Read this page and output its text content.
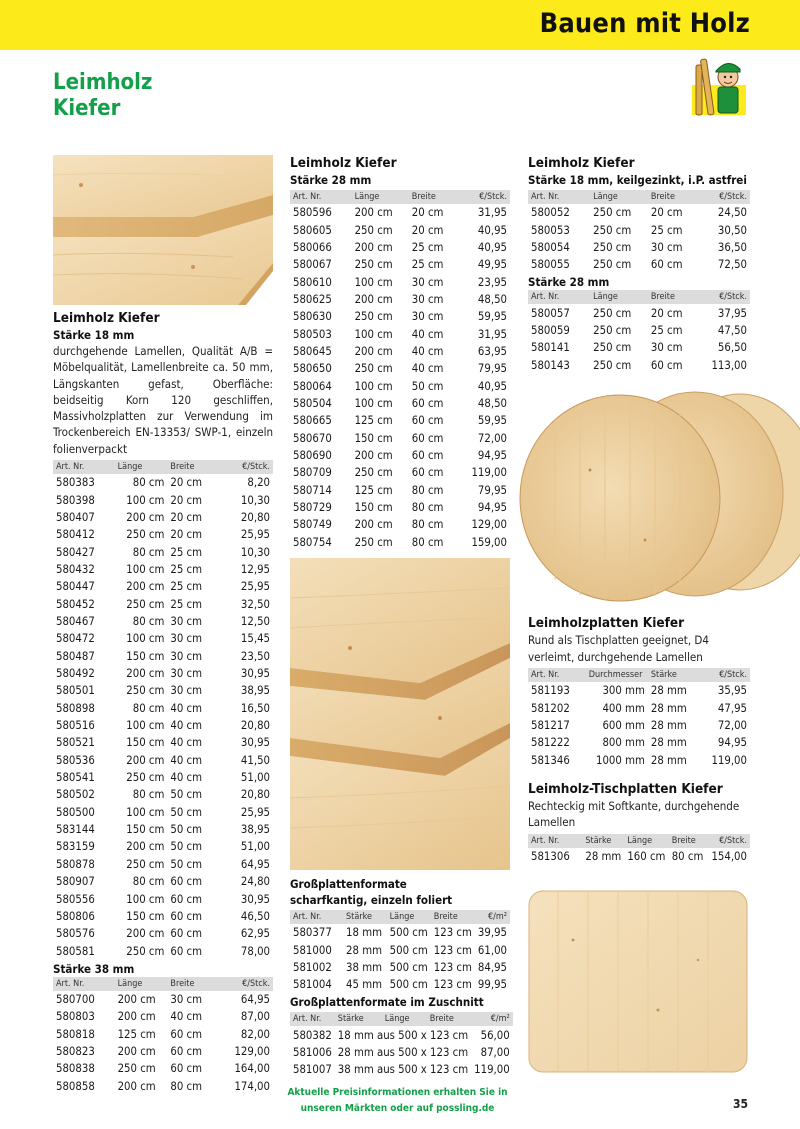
Bauen mit Holz
Leimholz
Kiefer
Leimholz Kiefer
Stärke 18 mm
durchgehende Lamellen, Qualität A/B = Möbelqualität, Lamellenbreite ca. 50 mm, Längskanten gefast, Oberfläche: beidseitig Korn 120 geschliffen, Massivholzplatten zur Verwendung im Trockenbereich EN-13353/ SWP-1, einzeln folienverpackt
Art. Nr.	Länge	Breite	€/Stck.
580383	80 cm	20 cm	8,20
580398	100 cm	20 cm	10,30
580407	200 cm	20 cm	20,80
580412	250 cm	20 cm	25,95
580427	80 cm	25 cm	10,30
580432	100 cm	25 cm	12,95
580447	200 cm	25 cm	25,95
580452	250 cm	25 cm	32,50
580467	80 cm	30 cm	12,50
580472	100 cm	30 cm	15,45
580487	150 cm	30 cm	23,50
580492	200 cm	30 cm	30,95
580501	250 cm	30 cm	38,95
580898	80 cm	40 cm	16,50
580516	100 cm	40 cm	20,80
580521	150 cm	40 cm	30,95
580536	200 cm	40 cm	41,50
580541	250 cm	40 cm	51,00
580502	80 cm	50 cm	20,80
580500	100 cm	50 cm	25,95
583144	150 cm	50 cm	38,95
583159	200 cm	50 cm	51,00
580878	250 cm	50 cm	64,95
580907	80 cm	60 cm	24,80
580556	100 cm	60 cm	30,95
580806	150 cm	60 cm	46,50
580576	200 cm	60 cm	62,95
580581	250 cm	60 cm	78,00
Stärke 38 mm
Art. Nr.	Länge	Breite	€/Stck.
580700	200 cm	30 cm	64,95
580803	200 cm	40 cm	87,00
580818	125 cm	60 cm	82,00
580823	200 cm	60 cm	129,00
580838	250 cm	60 cm	164,00
580858	200 cm	80 cm	174,00
Leimholz Kiefer
Stärke 28 mm
Art. Nr.	Länge	Breite	€/Stck.
580596	200 cm	20 cm	31,95
580605	250 cm	20 cm	40,95
580066	200 cm	25 cm	40,95
580067	250 cm	25 cm	49,95
580610	100 cm	30 cm	23,95
580625	200 cm	30 cm	48,50
580630	250 cm	30 cm	59,95
580503	100 cm	40 cm	31,95
580645	200 cm	40 cm	63,95
580650	250 cm	40 cm	79,95
580064	100 cm	50 cm	40,95
580504	100 cm	60 cm	48,50
580665	125 cm	60 cm	59,95
580670	150 cm	60 cm	72,00
580690	200 cm	60 cm	94,95
580709	250 cm	60 cm	119,00
580714	125 cm	80 cm	79,95
580729	150 cm	80 cm	94,95
580749	200 cm	80 cm	129,00
580754	250 cm	80 cm	159,00
Großplattenformate
scharfkantig, einzeln foliert
Art. Nr.	Stärke	Länge	Breite	€/m²
580377	18 mm	500 cm	123 cm	39,95
581000	28 mm	500 cm	123 cm	61,00
581002	38 mm	500 cm	123 cm	84,95
581004	45 mm	500 cm	123 cm	99,95
Großplattenformate im Zuschnitt
Art. Nr.	Stärke	Länge	Breite	€/m²
580382	18 mm aus 500 x 123 cm			56,00
581006	28 mm aus 500 x 123 cm			87,00
581007	38 mm aus 500 x 123 cm			119,00
Leimholz Kiefer
Stärke 18 mm, keilgezinkt, i.P. astfrei
Art. Nr.	Länge	Breite	€/Stck.
580052	250 cm	20 cm	24,50
580053	250 cm	25 cm	30,50
580054	250 cm	30 cm	36,50
580055	250 cm	60 cm	72,50
Stärke 28 mm
Art. Nr.	Länge	Breite	€/Stck.
580057	250 cm	20 cm	37,95
580059	250 cm	25 cm	47,50
580141	250 cm	30 cm	56,50
580143	250 cm	60 cm	113,00
Leimholzplatten Kiefer
Rund als Tischplatten geeignet, D4 verleimt, durchgehende Lamellen
Art. Nr.	Durchmesser	Stärke	€/Stck.
581193	300 mm	28 mm	35,95
581202	400 mm	28 mm	47,95
581217	600 mm	28 mm	72,00
581222	800 mm	28 mm	94,95
581346	1000 mm	28 mm	119,00
Leimholz-Tischplatten Kiefer
Rechteckig mit Softkante, durchgehende Lamellen
Art. Nr.	Stärke	Länge	Breite	€/Stck.
581306	28 mm	160 cm	80 cm	154,00
Aktuelle Preisinformationen erhalten Sie in
unseren Märkten oder auf possling.de	35
